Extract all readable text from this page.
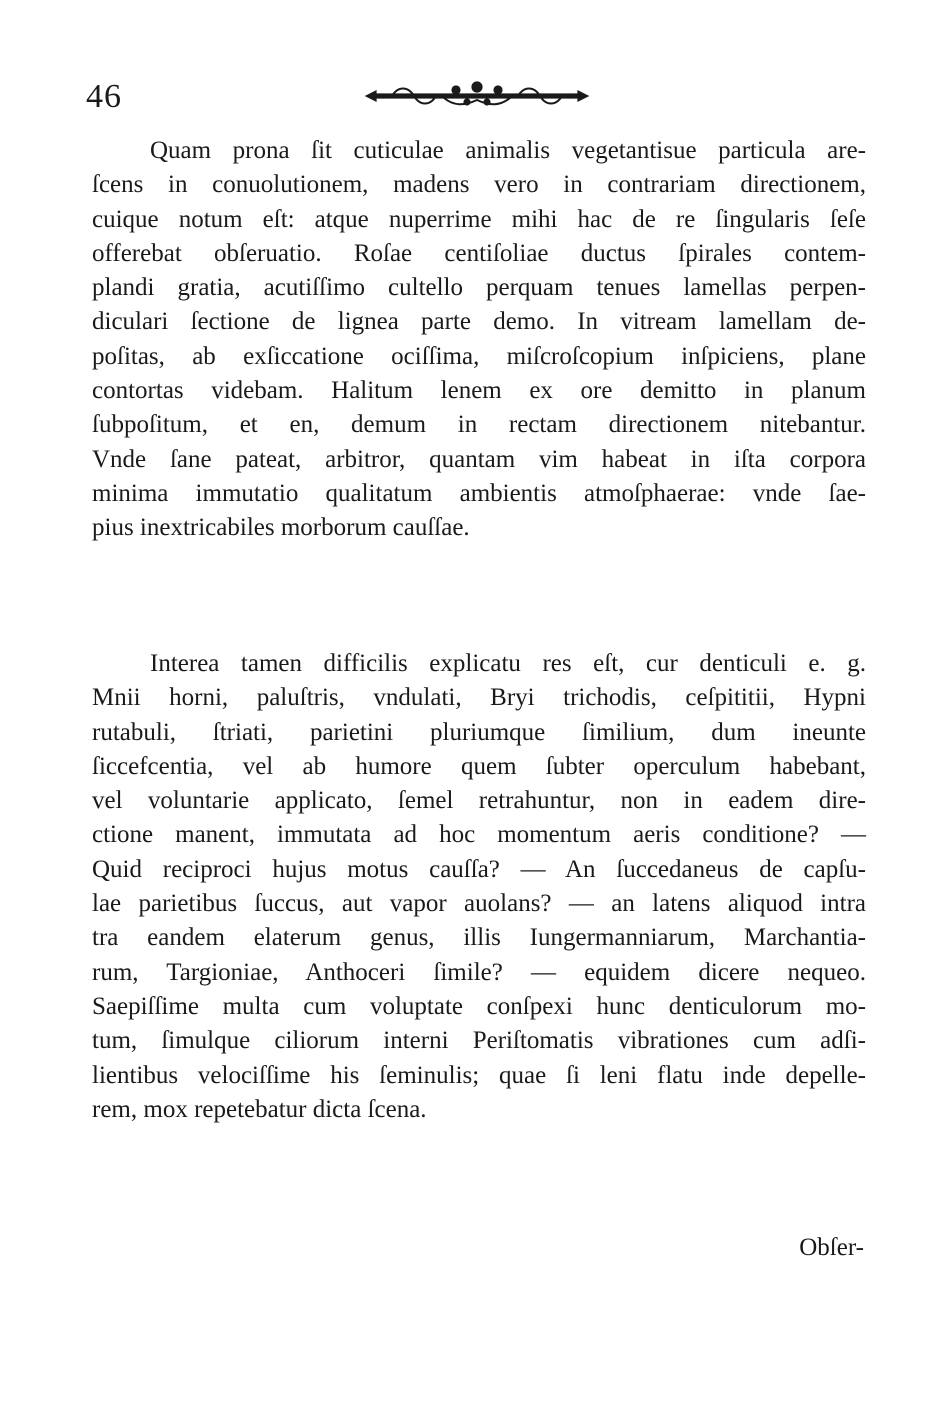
46
Quam prona ſit cuticulae animalis vegetantisue particula are-
ſcens in conuolutionem, madens vero in contrariam directionem,
cuique notum eſt: atque nuperrime mihi hac de re ſingularis ſeſe
offerebat obſeruatio. Roſae centiſoliae ductus ſpirales contem-
plandi gratia, acutiſſimo cultello perquam tenues lamellas perpen-
diculari ſectione de lignea parte demo. In vitream lamellam de-
poſitas, ab exſiccatione ociſſima, miſcroſcopium inſpiciens, plane
contortas videbam. Halitum lenem ex ore demitto in planum
ſubpoſitum, et en, demum in rectam directionem nitebantur.
Vnde ſane pateat, arbitror, quantam vim habeat in iſta corpora
minima immutatio qualitatum ambientis atmoſphaerae: vnde ſae-
pius inextricabiles morborum cauſſae.
Interea tamen difficilis explicatu res eſt, cur denticuli e. g.
Mnii horni, paluſtris, vndulati, Bryi trichodis, ceſpititii, Hypni
rutabuli, ſtriati, parietini pluriumque ſimilium, dum ineunte
ſiccefcentia, vel ab humore quem ſubter operculum habebant,
vel voluntarie applicato, ſemel retrahuntur, non in eadem dire-
ctione manent, immutata ad hoc momentum aeris conditione? —
Quid reciproci hujus motus cauſſa? — An ſuccedaneus de capſu-
lae parietibus ſuccus, aut vapor auolans? — an latens aliquod intra
tra eandem elaterum genus, illis Iungermanniarum, Marchantia-
rum, Targioniae, Anthoceri ſimile? — equidem dicere nequeo.
Saepiſſime multa cum voluptate conſpexi hunc denticulorum mo-
tum, ſimulque ciliorum interni Periſtomatis vibrationes cum adſi-
lientibus velociſſime his ſeminulis; quae ſi leni flatu inde depelle-
rem, mox repetebatur dicta ſcena.
Obſer-
